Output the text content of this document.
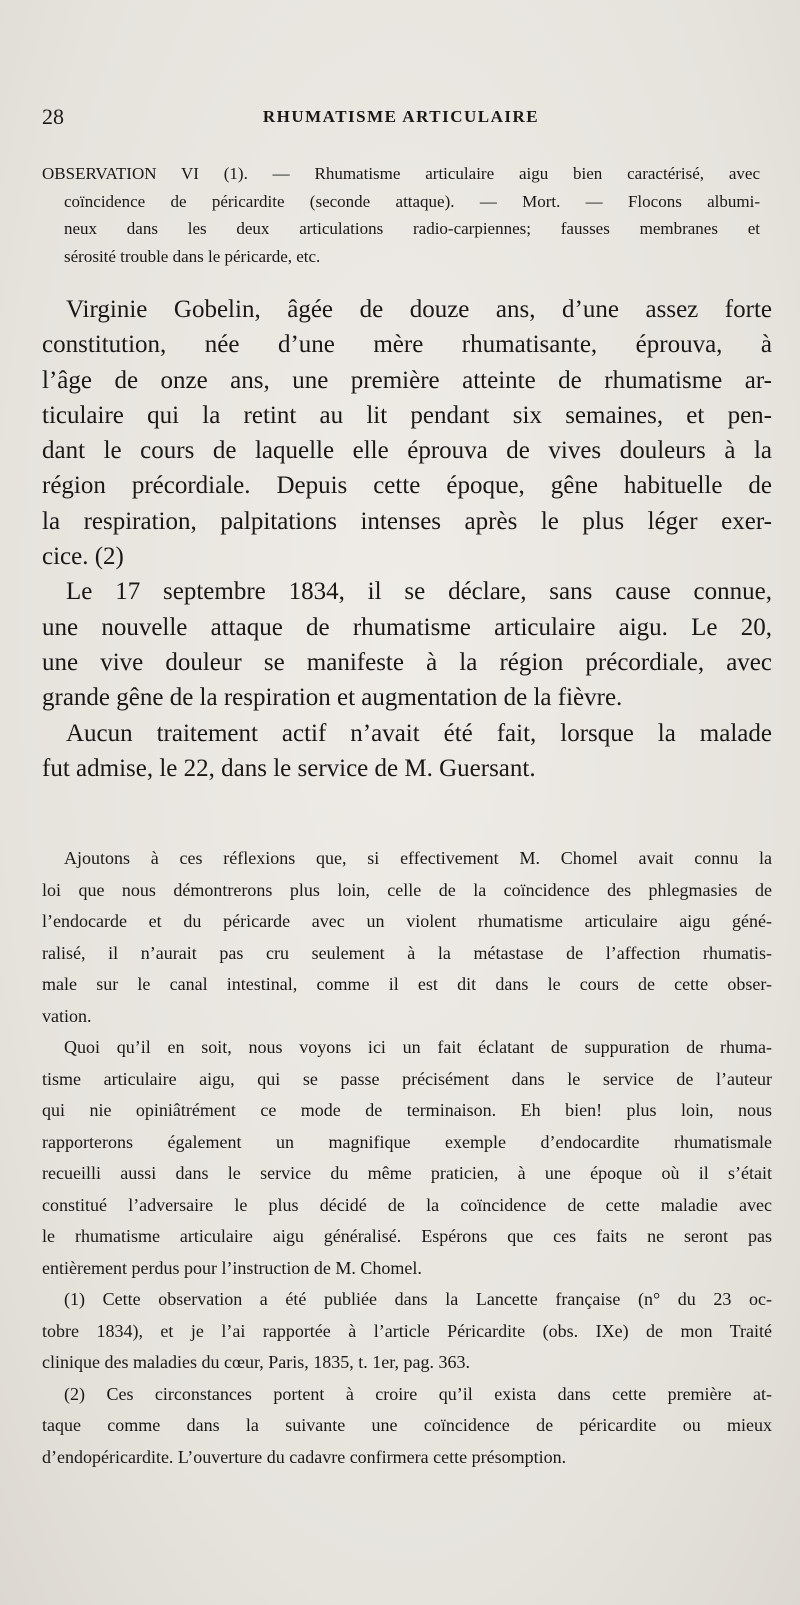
28	RHUMATISME ARTICULAIRE
OBSERVATION VI (1). — Rhumatisme articulaire aigu bien caractérisé, avec
coïncidence de péricardite (seconde attaque). — Mort. — Flocons albumi-
neux dans les deux articulations radio-carpiennes; fausses membranes et
sérosité trouble dans le péricarde, etc.
Virginie Gobelin, âgée de douze ans, d’une assez forte
constitution, née d’une mère rhumatisante, éprouva, à
l’âge de onze ans, une première atteinte de rhumatisme ar-
ticulaire qui la retint au lit pendant six semaines, et pen-
dant le cours de laquelle elle éprouva de vives douleurs à la
région précordiale. Depuis cette époque, gêne habituelle de
la respiration, palpitations intenses après le plus léger exer-
cice. (2)
Le 17 septembre 1834, il se déclare, sans cause connue,
une nouvelle attaque de rhumatisme articulaire aigu. Le 20,
une vive douleur se manifeste à la région précordiale, avec
grande gêne de la respiration et augmentation de la fièvre.
Aucun traitement actif n’avait été fait, lorsque la malade
fut admise, le 22, dans le service de M. Guersant.
Ajoutons à ces réflexions que, si effectivement M. Chomel avait connu la
loi que nous démontrerons plus loin, celle de la coïncidence des phlegmasies de
l’endocarde et du péricarde avec un violent rhumatisme articulaire aigu géné-
ralisé, il n’aurait pas cru seulement à la métastase de l’affection rhumatis-
male sur le canal intestinal, comme il est dit dans le cours de cette obser-
vation.
Quoi qu’il en soit, nous voyons ici un fait éclatant de suppuration de rhuma-
tisme articulaire aigu, qui se passe précisément dans le service de l’auteur
qui nie opiniâtrément ce mode de terminaison. Eh bien! plus loin, nous
rapporterons également un magnifique exemple d’endocardite rhumatismale
recueilli aussi dans le service du même praticien, à une époque où il s’était
constitué l’adversaire le plus décidé de la coïncidence de cette maladie avec
le rhumatisme articulaire aigu généralisé. Espérons que ces faits ne seront pas
entièrement perdus pour l’instruction de M. Chomel.
(1) Cette observation a été publiée dans la Lancette française (n° du 23 oc-
tobre 1834), et je l’ai rapportée à l’article Péricardite (obs. IXe) de mon Traité
clinique des maladies du cœur, Paris, 1835, t. 1er, pag. 363.
(2) Ces circonstances portent à croire qu’il exista dans cette première at-
taque comme dans la suivante une coïncidence de péricardite ou mieux
d’endopéricardite. L’ouverture du cadavre confirmera cette présomption.
